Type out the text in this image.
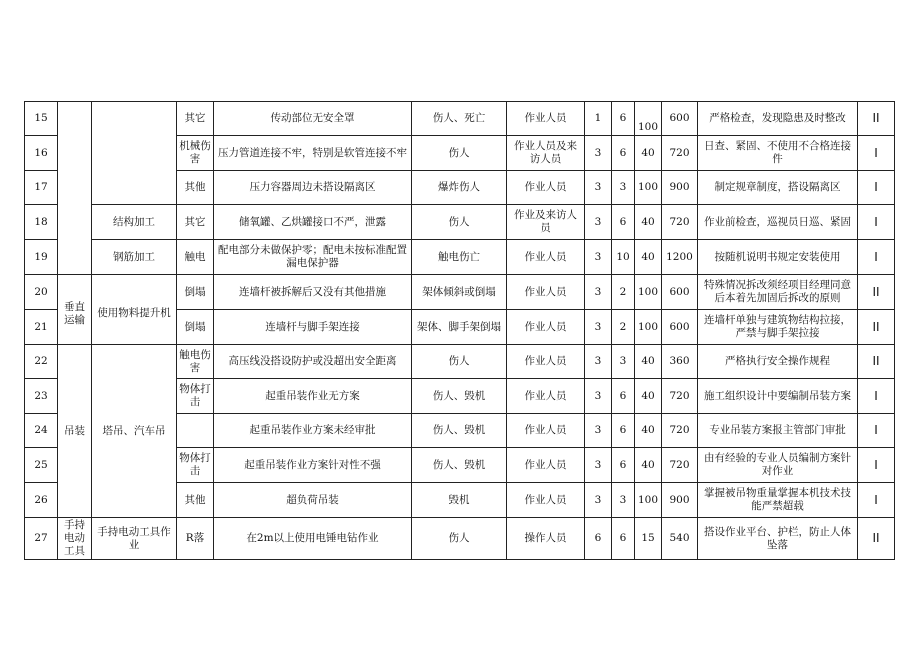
15			其它	传动部位无安全罩	伤人、死亡	作业人员	1	6	100	600	严格检查，发现隐患及时整改	II
16			机械伤害	压力管道连接不牢，特别是软管连接不牢	伤人	作业人员及来访人员	3	6	40	720	日查、紧固、不使用不合格连接件	I
17			其他	压力容器周边未搭设隔离区	爆炸伤人	作业人员	3	3	100	900	制定规章制度，搭设隔离区	I
18		结构加工	其它	储氧罐、乙烘罐接口不严，泄露	伤人	作业及来访人员	3	6	40	720	作业前检查，巡视员日巡、紧固	I
19		钢筋加工	触电	配电部分未做保护零；配电未按标准配置漏电保护器	触电伤亡	作业人员	3	10	40	1200	按随机说明书规定安装使用	I
20	垂直运输	使用物料提升机	倒塌	连墙杆被拆解后又没有其他措施	架体倾斜或倒塌	作业人员	3	2	100	600	特殊情况拆改须经项目经理同意后本着先加固后拆改的原则	II
21			倒塌	连墙杆与脚手架连接	架体、脚手架倒塌	作业人员	3	2	100	600	连墙杆单独与建筑物结构拉接，严禁与脚手架拉接	II
22	吊装	塔吊、汽车吊	触电伤害	高压线没搭设防护或没超出安全距离	伤人	作业人员	3	3	40	360	严格执行安全操作规程	II
23			物体打击	起重吊装作业无方案	伤人、毁机	作业人员	3	6	40	720	施工组织设计中要编制吊装方案	I
24				起重吊装作业方案未经审批	伤人、毁机	作业人员	3	6	40	720	专业吊装方案报主管部门审批	I
25			物体打击	起重吊装作业方案针对性不强	伤人、毁机	作业人员	3	6	40	720	由有经验的专业人员编制方案针对作业	I
26			其他	超负荷吊装	毁机	作业人员	3	3	100	900	掌握被吊物重量掌握本机技术技能严禁超载	I
27	手持电动工具	手持电动工具作业	R落	在2m以上使用电锤电钻作业	伤人	操作人员	6	6	15	540	搭设作业平台、护栏，防止人体坠落	II
